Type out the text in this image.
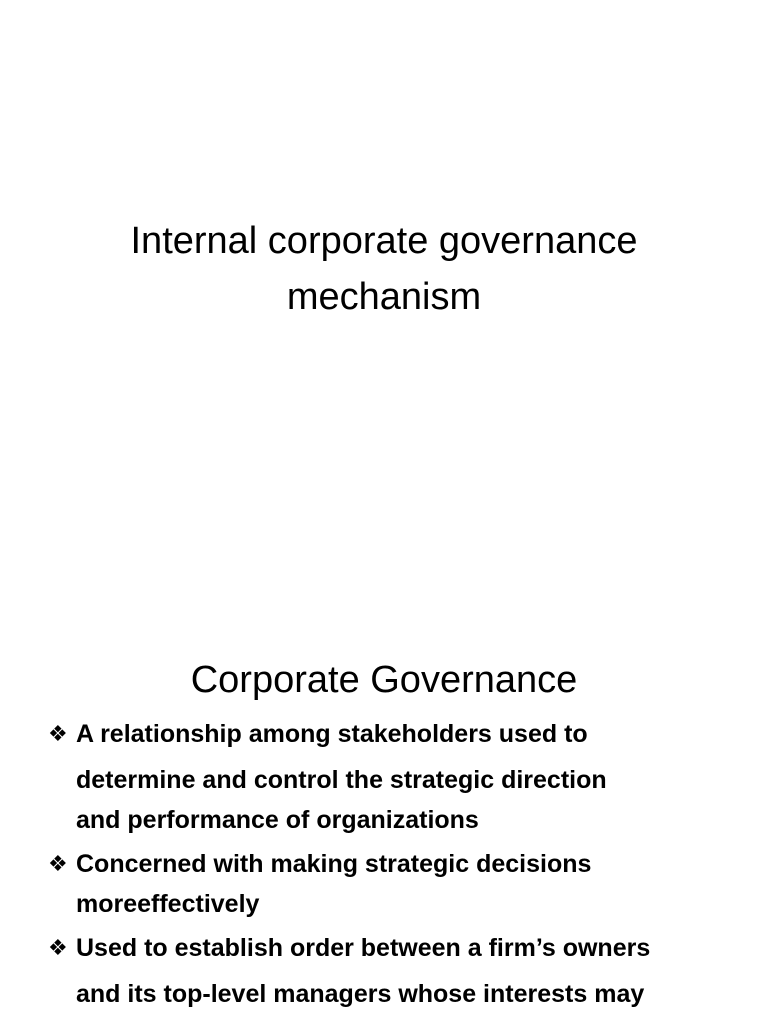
Internal corporate governance
mechanism
Corporate Governance
❖ A relationship among stakeholders used to
determine and control the strategic direction
and performance of organizations
❖ Concerned with making strategic decisions
moreeffectively
❖ Used to establish order between a firm’s owners
and its top-level managers whose interests may
